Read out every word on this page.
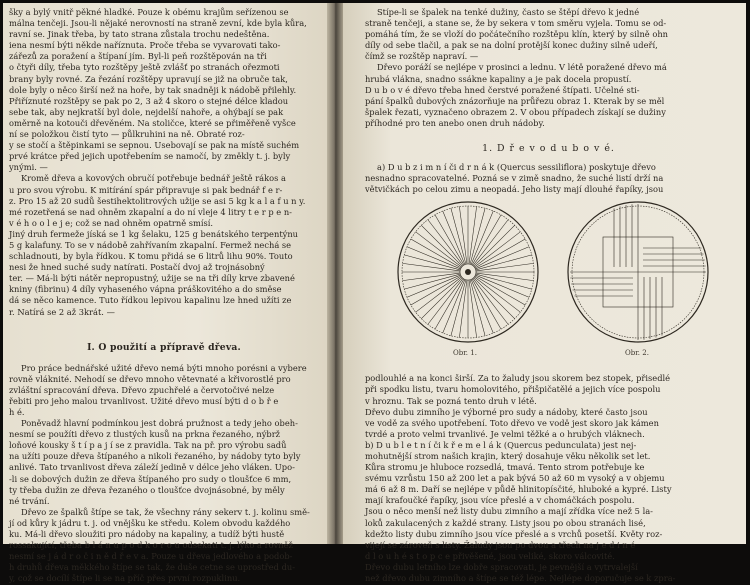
šky a bylý vnitř pěkné hladké. Pouze k obému krajům seřízenou se

málna tenčeji. Jsou-li nějaké nerovností na straně zevní, kde byla kůra,

ravní se. Jinak třeba, by tato strana zůstala trochu nedeštěna.

iena nesmí býti někde naříznuta. Proče třeba se vyvarovati tako-

zářezů za poražení a štípaní jím. Byl-li peň rozštěpován na tři

o čtyři díly, třeba tyto rozštěpy ještě zvlášť po stranách ořezmoti

brany byly rovné. Za řezání rozštěpy upravují se již na obruče tak,

dole byly o něco širší než na hoře, by tak snadněji k nádobě přilehly.

Přiříznuté rozštěpy se pak po 2, 3 až 4 skoro o stejné délce kladou

sebe tak, aby nejkratší byl dole, nejdelší nahoře, a ohýbají se pak

oměrně na kotouči dřevěném. Na stoličce, které se přiměřeně vyšce

ní se položkou čistí tyto — půlkruhini na ně. Obraté roz-

y se stočí a štěpinkami se sepnou. Usebovají se pak na místě suchém

prvé krátce před jejich upotřebením se namočí, by změkly t. j. byly

ynými. —

Kromě dřeva a kovových obručí potřebuje bednář ještě rákos a

u pro svou výrobu. K mitírání spár připravuje si pak bednář f e r-

z. Pro 15 až 20 sudů šestihektolitrových užije se asi 5 kg k a l a f u n y.

mé rozetřená se nad ohněm zkapalní a do ní vleje 4 litry t e r p e n-

v é h o o l e j e; což se nad ohněm opatrně smísí.

Jiný druh fermeže jíská se 1 kg šelaku, 125 g benátského terpentýnu

5 g kalafuny. To se v nádobě zahřívaním zkapalní. Fermež nechá se

schladnouti, by byla řídkou. K tomu přidá se 6 litrů lihu 90%. Touto

nesi že hned suché sudy natírati. Postačí dvoj až trojnásobný

ter. — Má-li býti nátěr nepropustný, užije se na tři díly krve zbavené

kniny (fibrinu) 4 díly vyhaseného vápna práškovitého a do směse

dá se něco kamence. Tuto řídkou lepivou kapalinu lze hned užíti ze

r. Natírá se 2 až 3krát. —

I. O použití a přípravě dřeva.

Pro práce bednářské užité dřevo nemá býti mnoho porésni a vybere

rovně vláknité. Nehodí se dřevo mnoho větevnaté a křivorostlé pro

zvláštní spracování dřeva. Dřevo zpuchřelé a červotočivé nelze

řebiti pro jeho malou trvanlivost. Užité dřevo musí býti d o b ř e

h é.

Poněvadž hlavní podmínkou jest dobrá pružnost a tedy jeho obeh-

nesmí se použíti dřevo z tlustých kusů na prkna řezaného, nýbrž

loňové kousky š t í p a j í se z pravidla. Tak na př. pro výrobu sadů

na užíti pouze dřeva štípaného a nikoli řezaného, by nádoby tyto byly

anlivé. Tato trvanlivost dřeva záleží jedině v délce jeho vláken. Upo-

-li se dobových dužin ze dřeva štípaného pro sudy o tloušťce 6 mm,

ty třeba dužin ze dřeva řezaného o tloušťce dvojnásobné, by měly

né trvání.

Dřevo ze špalků štípe se tak, že všechny rány sekerv t. j. kolinu smě-

jí od kůry k jádru t. j. od vnějšku ke středu. Kolem obvodu každého

ku. Má-li dřevo sloužiti pro nádoby na kapaliny, a tudíž býti hustě

rossakující, třeba b l á n u p o d k o r o u odsekati t. j. lýko a rovněž

nesmí se j á d r o č i n ě d ř e v a. Pouze u dřeva jedlového a podob-

h druhů dřeva měkkého štípe se tak, že duše cetne se uprostřed du-

y, což se docílí štípe li se na příč přes první rozpuklinu.

Stípe-li se špalek na tenké dužiny, často se štěpí dřevo k jedné

straně tenčeji, a stane se, že by sekera v tom směru vyjela. Tomu se od-

pomáhá tím, že se vloží do počátečního rozštěpu klín, který by silně ohn

díly od sebe tlačil, a pak se na dolní protější konec dužiny silně udeří,

čímž se rozštěp napraví. —

Dřevo poráží se nejlépe v prosinci a lednu. V létě poražené dřevo má

hrubá vlákna, snadno ssákne kapaliny a je pak docela propustí.

D u b o v é dřevo třeba hned čerstvé poražené štípati. Učelné sti-

pání špalků dubových znázorňuje na průřezu obraz 1. Kterak by se měl

špalek řezati, vyznačeno obrazem 2. V obou případech získají se dužiny

příhodné pro ten anebo onen druh nádoby.

1. D ř e v o d u b o v é.

a) D u b z i m n í či d r n á k (Quercus sessiliflora) poskytuje dřevo

nesnadno spracovatelné. Pozná se v zimě snadno, že suché listí drží na

větvičkách po celou zimu a neopadá. Jeho listy mají dlouhé řapíky, jsou

Obr. 1.	Obr. 2.

podlouhlé a na konci širší. Za to žaludy jsou skorem bez stopek, přisedlé

při spodku listu, tvaru homolovitého, přišpičatělé a jejich více pospolu

v hroznu. Tak se pozná tento druh v létě.

Dřevo dubu zimního je výborné pro sudy a nádoby, které často jsou

ve vodě za svého upotřebení. Toto dřevo ve vodě jest skoro jak kámen

tvrdé a proto velmi trvanlivé. Je velmi těžké a o hrubých vláknech.

b) D u b l e t n í či k ř e m e l á k (Quercus pedunculata) jest nej-

mohutnější strom našich krajin, který dosahuje věku několik set let.

Kůra stromu je hluboce rozsedlá, tmavá. Tento strom potřebuje ke

svému vzrůstu 150 až 200 let a pak bývá 50 až 60 m vysoký a v objemu

má 6 až 8 m. Daří se nejlépe v půdě hlinitopísčité, hluboké a kypré. Listy

mají krafoučké řapíky, jsou více přeslé a v chomáčkách pospolu.

Jsou o něco menší než listy dubu zimního a mají zřídka více než 5 la-

loků zakulacených z každé strany. Listy jsou po obou stranách lisé,

kdežto listy dubu zimního jsou více přeslé a s vrchů posetší. Květy roz-

vijejí se zároveň s listy. Žaludy jsou po dvou a třech na j e d i n é

d l o u h é s t o p c e přivěšené, jsou veliké, skoro válcovité.

Dřevo dubu letního lze dobře spracovati, je pevnější a vytrvalejší

než dřevo dubu zimního a štípe se též lépe. Nejlépe doporučuje se k zpra-
